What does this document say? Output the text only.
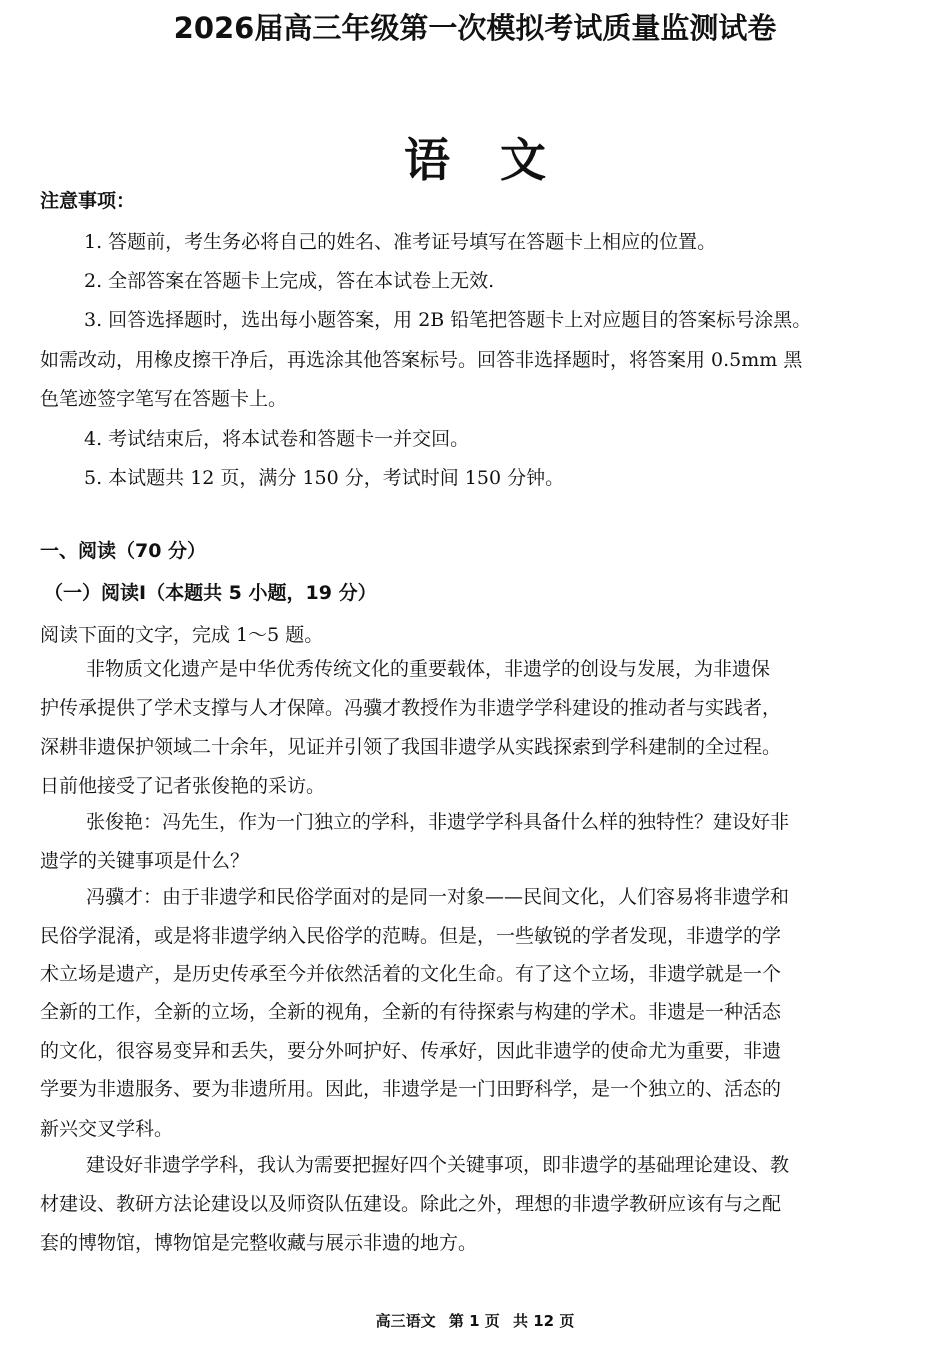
2026届高三年级第一次模拟考试质量监测试卷
语文
注意事项：
1. 答题前，考生务必将自己的姓名、准考证号填写在答题卡上相应的位置。
2. 全部答案在答题卡上完成，答在本试卷上无效.
3. 回答选择题时，选出每小题答案，用 2B 铅笔把答题卡上对应题目的答案标号涂黑。
如需改动，用橡皮擦干净后，再选涂其他答案标号。回答非选择题时，将答案用 0.5mm 黑
色笔迹签字笔写在答题卡上。
4. 考试结束后，将本试卷和答题卡一并交回。
5. 本试题共 12 页，满分 150 分，考试时间 150 分钟。
一、阅读（70 分）
（一）阅读Ⅰ（本题共 5 小题，19 分）
阅读下面的文字，完成 1～5 题。
非物质文化遗产是中华优秀传统文化的重要载体，非遗学的创设与发展，为非遗保
护传承提供了学术支撑与人才保障。冯骥才教授作为非遗学学科建设的推动者与实践者，
深耕非遗保护领域二十余年，见证并引领了我国非遗学从实践探索到学科建制的全过程。
日前他接受了记者张俊艳的采访。
张俊艳：冯先生，作为一门独立的学科，非遗学学科具备什么样的独特性？建设好非
遗学的关键事项是什么？
冯骥才：由于非遗学和民俗学面对的是同一对象——民间文化，人们容易将非遗学和
民俗学混淆，或是将非遗学纳入民俗学的范畴。但是，一些敏锐的学者发现，非遗学的学
术立场是遗产，是历史传承至今并依然活着的文化生命。有了这个立场，非遗学就是一个
全新的工作，全新的立场，全新的视角，全新的有待探索与构建的学术。非遗是一种活态
的文化，很容易变异和丢失，要分外呵护好、传承好，因此非遗学的使命尤为重要，非遗
学要为非遗服务、要为非遗所用。因此，非遗学是一门田野科学，是一个独立的、活态的
新兴交叉学科。
建设好非遗学学科，我认为需要把握好四个关键事项，即非遗学的基础理论建设、教
材建设、教研方法论建设以及师资队伍建设。除此之外，理想的非遗学教研应该有与之配
套的博物馆，博物馆是完整收藏与展示非遗的地方。
高三语文 第 1 页 共 12 页
